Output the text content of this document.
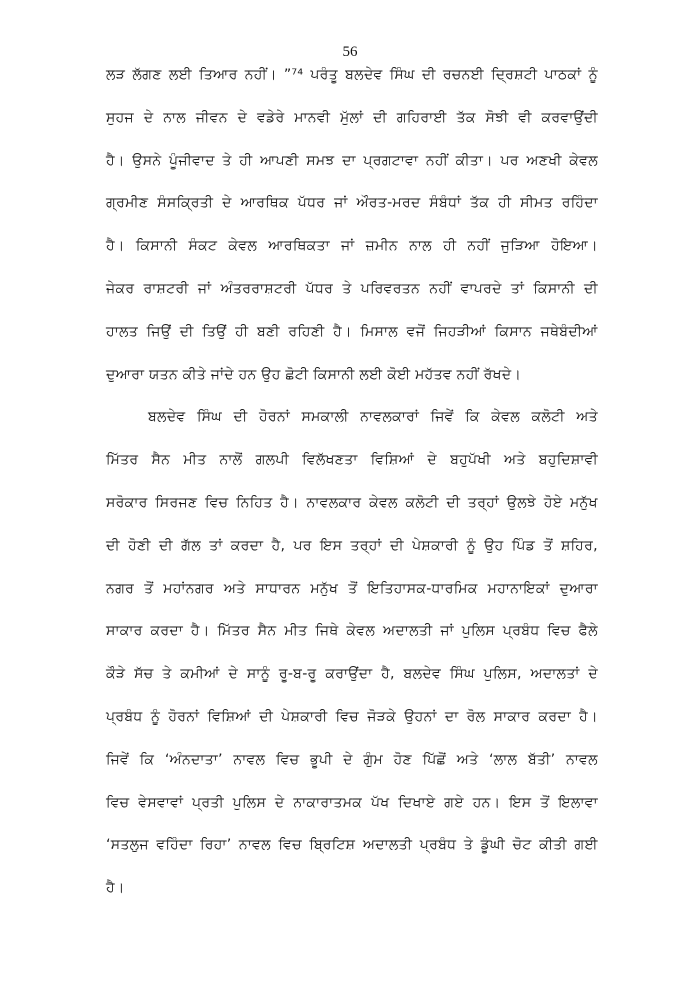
56
ਲੜ ਲੱਗਣ ਲਈ ਤਿਆਰ ਨਹੀਂ। ”⁷⁴ ਪਰੰਤੂ ਬਲਦੇਵ ਸਿੰਘ ਦੀ ਰਚਨਈ ਦ੍ਰਿਸ਼ਟੀ ਪਾਠਕਾਂ ਨੂੰ
ਸੁਹਜ ਦੇ ਨਾਲ ਜੀਵਨ ਦੇ ਵਡੇਰੇ ਮਾਨਵੀ ਮੁੱਲਾਂ ਦੀ ਗਹਿਰਾਈ ਤੱਕ ਸੋਝੀ ਵੀ ਕਰਵਾਉਂਦੀ
ਹੈ। ਉਸਨੇ ਪੂੰਜੀਵਾਦ ਤੇ ਹੀ ਆਪਣੀ ਸਮਝ ਦਾ ਪ੍ਰਗਟਾਵਾ ਨਹੀਂ ਕੀਤਾ। ਪਰ ਅਣਖੀ ਕੇਵਲ
ਗ੍ਰਮੀਣ ਸੰਸਕ੍ਰਿਤੀ ਦੇ ਆਰਥਿਕ ਪੱਧਰ ਜਾਂ ਔਰਤ-ਮਰਦ ਸੰਬੰਧਾਂ ਤੱਕ ਹੀ ਸੀਮਤ ਰਹਿੰਦਾ
ਹੈ। ਕਿਸਾਨੀ ਸੰਕਟ ਕੇਵਲ ਆਰਥਿਕਤਾ ਜਾਂ ਜ਼ਮੀਨ ਨਾਲ ਹੀ ਨਹੀਂ ਜੁੜਿਆ ਹੋਇਆ।
ਜੇਕਰ ਰਾਸ਼ਟਰੀ ਜਾਂ ਅੰਤਰਰਾਸ਼ਟਰੀ ਪੱਧਰ ਤੇ ਪਰਿਵਰਤਨ ਨਹੀਂ ਵਾਪਰਦੇ ਤਾਂ ਕਿਸਾਨੀ ਦੀ
ਹਾਲਤ ਜਿਉਂ ਦੀ ਤਿਉਂ ਹੀ ਬਣੀ ਰਹਿਣੀ ਹੈ। ਮਿਸਾਲ ਵਜੋਂ ਜਿਹੜੀਆਂ ਕਿਸਾਨ ਜਥੇਬੰਦੀਆਂ
ਦੁਆਰਾ ਯਤਨ ਕੀਤੇ ਜਾਂਦੇ ਹਨ ਉਹ ਛੋਟੀ ਕਿਸਾਨੀ ਲਈ ਕੋਈ ਮਹੱਤਵ ਨਹੀਂ ਰੱਖਦੇ।
ਬਲਦੇਵ ਸਿੰਘ ਦੀ ਹੋਰਨਾਂ ਸਮਕਾਲੀ ਨਾਵਲਕਾਰਾਂ ਜਿਵੇਂ ਕਿ ਕੇਵਲ ਕਲੋਟੀ ਅਤੇ
ਮਿੱਤਰ ਸੈਨ ਮੀਤ ਨਾਲੋਂ ਗਲਪੀ ਵਿਲੱਖਣਤਾ ਵਿਸ਼ਿਆਂ ਦੇ ਬਹੁਪੱਖੀ ਅਤੇ ਬਹੁਦਿਸ਼ਾਵੀ
ਸਰੋਕਾਰ ਸਿਰਜਣ ਵਿਚ ਨਿਹਿਤ ਹੈ। ਨਾਵਲਕਾਰ ਕੇਵਲ ਕਲੋਟੀ ਦੀ ਤਰ੍ਹਾਂ ਉਲਝੇ ਹੋਏ ਮਨੁੱਖ
ਦੀ ਹੋਣੀ ਦੀ ਗੱਲ ਤਾਂ ਕਰਦਾ ਹੈ, ਪਰ ਇਸ ਤਰ੍ਹਾਂ ਦੀ ਪੇਸ਼ਕਾਰੀ ਨੂੰ ਉਹ ਪਿੰਡ ਤੋਂ ਸ਼ਹਿਰ,
ਨਗਰ ਤੋਂ ਮਹਾਂਨਗਰ ਅਤੇ ਸਾਧਾਰਨ ਮਨੁੱਖ ਤੋਂ ਇਤਿਹਾਸਕ-ਧਾਰਮਿਕ ਮਹਾਨਾਇਕਾਂ ਦੁਆਰਾ
ਸਾਕਾਰ ਕਰਦਾ ਹੈ। ਮਿੱਤਰ ਸੈਨ ਮੀਤ ਜਿਥੇ ਕੇਵਲ ਅਦਾਲਤੀ ਜਾਂ ਪੁਲਿਸ ਪ੍ਰਬੰਧ ਵਿਚ ਫੈਲੇ
ਕੌੜੇ ਸੱਚ ਤੇ ਕਮੀਆਂ ਦੇ ਸਾਨੂੰ ਰੂ-ਬ-ਰੂ ਕਰਾਉਂਦਾ ਹੈ, ਬਲਦੇਵ ਸਿੰਘ ਪੁਲਿਸ, ਅਦਾਲਤਾਂ ਦੇ
ਪ੍ਰਬੰਧ ਨੂੰ ਹੋਰਨਾਂ ਵਿਸ਼ਿਆਂ ਦੀ ਪੇਸ਼ਕਾਰੀ ਵਿਚ ਜੋੜਕੇ ਉਹਨਾਂ ਦਾ ਰੋਲ ਸਾਕਾਰ ਕਰਦਾ ਹੈ।
ਜਿਵੇਂ ਕਿ ‘ਅੰਨਦਾਤਾ’ ਨਾਵਲ ਵਿਚ ਭੂਪੀ ਦੇ ਗੁੰਮ ਹੋਣ ਪਿੱਛੋਂ ਅਤੇ ‘ਲਾਲ ਬੱਤੀ’ ਨਾਵਲ
ਵਿਚ ਵੇਸਵਾਵਾਂ ਪ੍ਰਤੀ ਪੁਲਿਸ ਦੇ ਨਾਕਾਰਾਤਮਕ ਪੱਖ ਦਿਖਾਏ ਗਏ ਹਨ। ਇਸ ਤੋਂ ਇਲਾਵਾ
‘ਸਤਲੁਜ ਵਹਿੰਦਾ ਰਿਹਾ’ ਨਾਵਲ ਵਿਚ ਬ੍ਰਿਟਿਸ਼ ਅਦਾਲਤੀ ਪ੍ਰਬੰਧ ਤੇ ਡੂੰਘੀ ਚੋਟ ਕੀਤੀ ਗਈ
ਹੈ।
